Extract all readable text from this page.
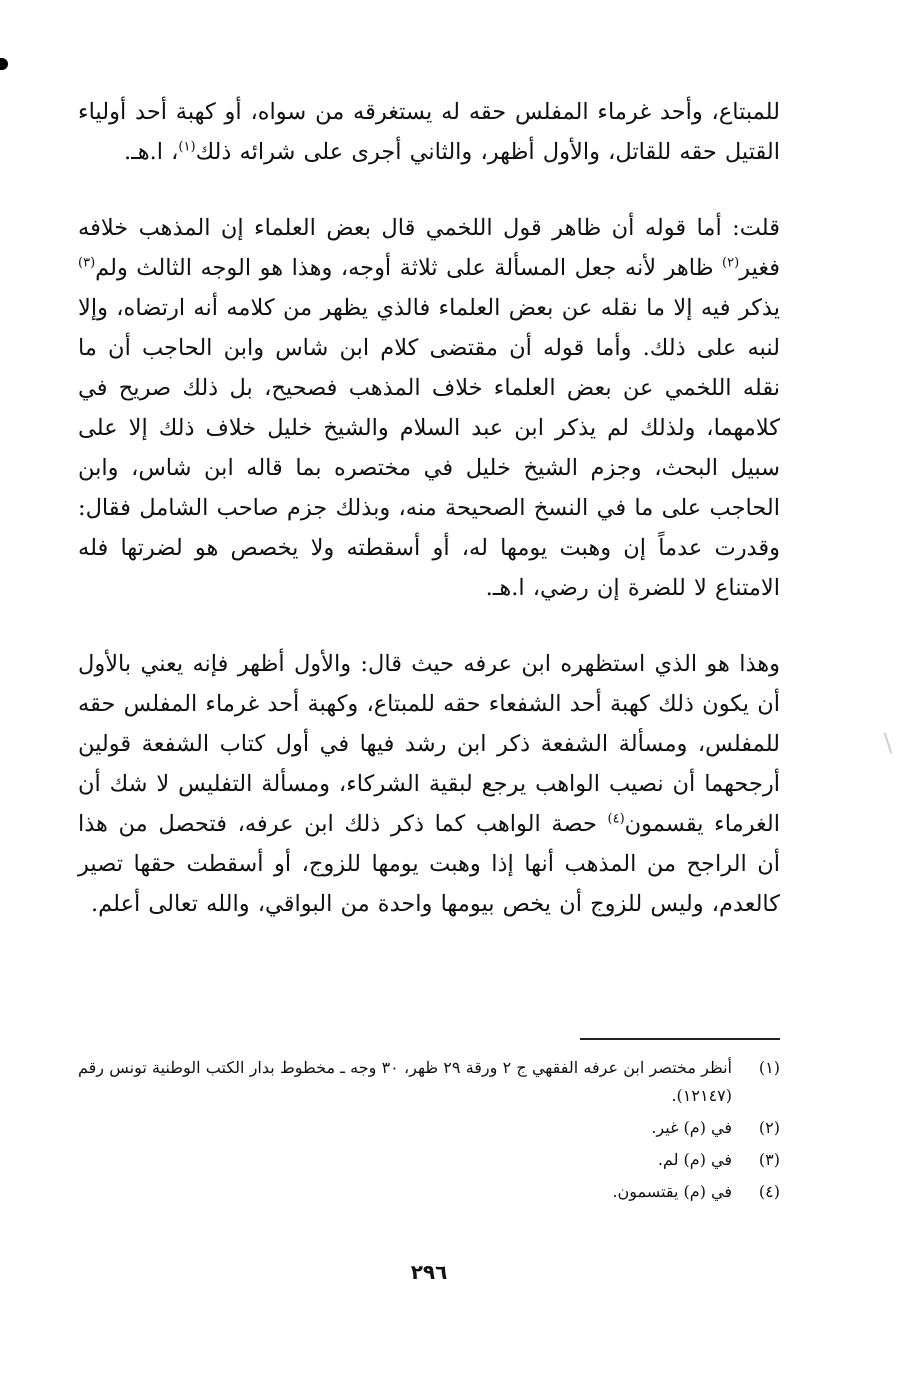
للمبتاع، وأحد غرماء المفلس حقه له يستغرقه من سواه، أو كهبة أحد أولياء القتيل حقه للقاتل، والأول أظهر، والثاني أجرى على شرائه ذلك$^{(١)}$، ا.هـ.

قلت: أما قوله أن ظاهر قول اللخمي قال بعض العلماء إن المذهب خلافه فغير$^{(٢)}$ ظاهر لأنه جعل المسألة على ثلاثة أوجه، وهذا هو الوجه الثالث ولم$^{(٣)}$ يذكر فيه إلا ما نقله عن بعض العلماء فالذي يظهر من كلامه أنه ارتضاه، وإلا لنبه على ذلك. وأما قوله أن مقتضى كلام ابن شاس وابن الحاجب أن ما نقله اللخمي عن بعض العلماء خلاف المذهب فصحيح، بل ذلك صريح في كلامهما، ولذلك لم يذكر ابن عبد السلام والشيخ خليل خلاف ذلك إلا على سبيل البحث، وجزم الشيخ خليل في مختصره بما قاله ابن شاس، وابن الحاجب على ما في النسخ الصحيحة منه، وبذلك جزم صاحب الشامل فقال: وقدرت عدماً إن وهبت يومها له، أو أسقطته ولا يخصص هو لضرتها فله الامتناع لا للضرة إن رضي، ا.هـ.

وهذا هو الذي استظهره ابن عرفه حيث قال: والأول أظهر فإنه يعني بالأول أن يكون ذلك كهبة أحد الشفعاء حقه للمبتاع، وكهبة أحد غرماء المفلس حقه للمفلس، ومسألة الشفعة ذكر ابن رشد فيها في أول كتاب الشفعة قولين أرجحهما أن نصيب الواهب يرجع لبقية الشركاء، ومسألة التفليس لا شك أن الغرماء يقسمون$^{(٤)}$ حصة الواهب كما ذكر ذلك ابن عرفه، فتحصل من هذا أن الراجح من المذهب أنها إذا وهبت يومها للزوج، أو أسقطت حقها تصير كالعدم، وليس للزوج أن يخص بيومها واحدة من البواقي، والله تعالى أعلم.

(١)
أنظر مختصر ابن عرفه الفقهي ج ٢ ورقة ٢٩ ظهر، ٣٠ وجه ـ مخطوط بدار الكتب الوطنية تونس رقم (١٢١٤٧).
(٢)
في (م) غير.
(٣)
في (م) لم.
(٤)
في (م) يقتسمون.
٢٩٦
